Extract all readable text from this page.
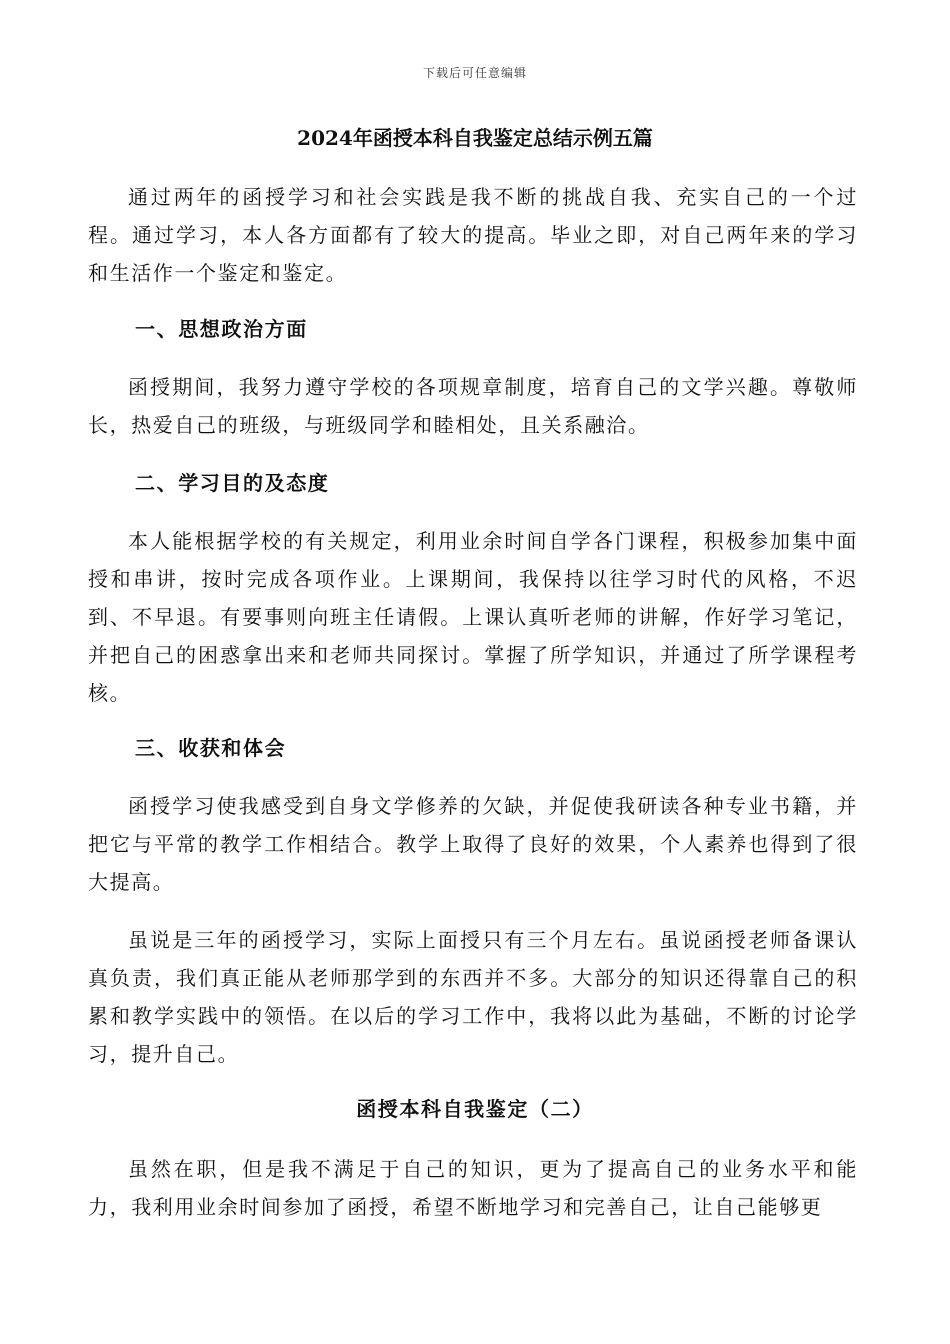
下载后可任意编辑
2024年函授本科自我鉴定总结示例五篇

通过两年的函授学习和社会实践是我不断的挑战自我、充实自己的一个过程。通过学习，本人各方面都有了较大的提高。毕业之即，对自己两年来的学习和生活作一个鉴定和鉴定。

一、思想政治方面

函授期间，我努力遵守学校的各项规章制度，培育自己的文学兴趣。尊敬师长，热爱自己的班级，与班级同学和睦相处，且关系融洽。

二、学习目的及态度

本人能根据学校的有关规定，利用业余时间自学各门课程，积极参加集中面授和串讲，按时完成各项作业。上课期间，我保持以往学习时代的风格，不迟到、不早退。有要事则向班主任请假。上课认真听老师的讲解，作好学习笔记，并把自己的困惑拿出来和老师共同探讨。掌握了所学知识，并通过了所学课程考核。

三、收获和体会

函授学习使我感受到自身文学修养的欠缺，并促使我研读各种专业书籍，并把它与平常的教学工作相结合。教学上取得了良好的效果，个人素养也得到了很大提高。

虽说是三年的函授学习，实际上面授只有三个月左右。虽说函授老师备课认真负责，我们真正能从老师那学到的东西并不多。大部分的知识还得靠自己的积累和教学实践中的领悟。在以后的学习工作中，我将以此为基础，不断的讨论学习，提升自己。

函授本科自我鉴定（二）

虽然在职，但是我不满足于自己的知识，更为了提高自己的业务水平和能力，我利用业余时间参加了函授，希望不断地学习和完善自己，让自己能够更
